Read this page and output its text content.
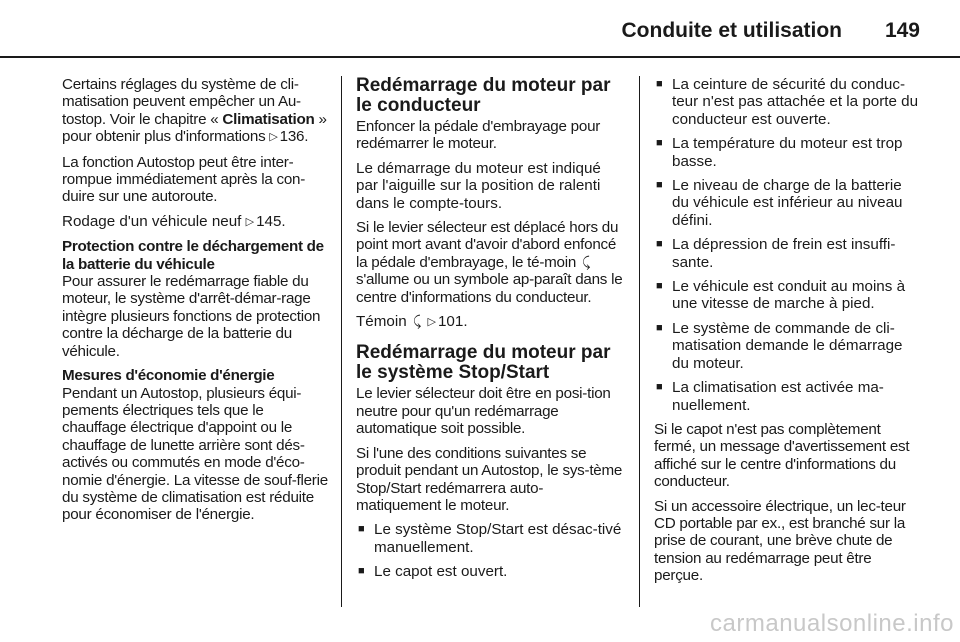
Conduite et utilisation 149

Certains réglages du système de cli-matisation peuvent empêcher un Au-tostop. Voir le chapitre « Climatisation » pour obtenir plus d'informations ▷ 136.

La fonction Autostop peut être inter-rompue immédiatement après la con-duire sur une autoroute.

Rodage d'un véhicule neuf ▷ 145.

Protection contre le déchargement de la batterie du véhicule

Pour assurer le redémarrage fiable du moteur, le système d'arrêt-démar-rage intègre plusieurs fonctions de protection contre la décharge de la batterie du véhicule.

Mesures d'économie d'énergie

Pendant un Autostop, plusieurs équi-pements électriques tels que le chauffage électrique d'appoint ou le chauffage de lunette arrière sont dés-activés ou commutés en mode d'éco-nomie d'énergie. La vitesse de souf-flerie du système de climatisation est réduite pour économiser de l'énergie.

Redémarrage du moteur par le conducteur

Enfoncer la pédale d'embrayage pour redémarrer le moteur.

Le démarrage du moteur est indiqué par l'aiguille sur la position de ralenti dans le compte-tours.

Si le levier sélecteur est déplacé hors du point mort avant d'avoir d'abord enfoncé la pédale d'embrayage, le té-moin ⤹ s'allume ou un symbole ap-paraît dans le centre d'informations du conducteur.

Témoin ⤹ ▷ 101.

Redémarrage du moteur par le système Stop/Start

Le levier sélecteur doit être en posi-tion neutre pour qu'un redémarrage automatique soit possible.

Si l'une des conditions suivantes se produit pendant un Autostop, le sys-tème Stop/Start redémarrera auto-matiquement le moteur.

■ Le système Stop/Start est désac-tivé manuellement.
■ Le capot est ouvert.
■ La ceinture de sécurité du conduc-teur n'est pas attachée et la porte du conducteur est ouverte.
■ La température du moteur est trop basse.
■ Le niveau de charge de la batterie du véhicule est inférieur au niveau défini.
■ La dépression de frein est insuffi-sante.
■ Le véhicule est conduit au moins à une vitesse de marche à pied.
■ Le système de commande de cli-matisation demande le démarrage du moteur.
■ La climatisation est activée ma-nuellement.

Si le capot n'est pas complètement fermé, un message d'avertissement est affiché sur le centre d'informations du conducteur.

Si un accessoire électrique, un lec-teur CD portable par ex., est branché sur la prise de courant, une brève chute de tension au redémarrage peut être perçue.

carmanualsonline.info
